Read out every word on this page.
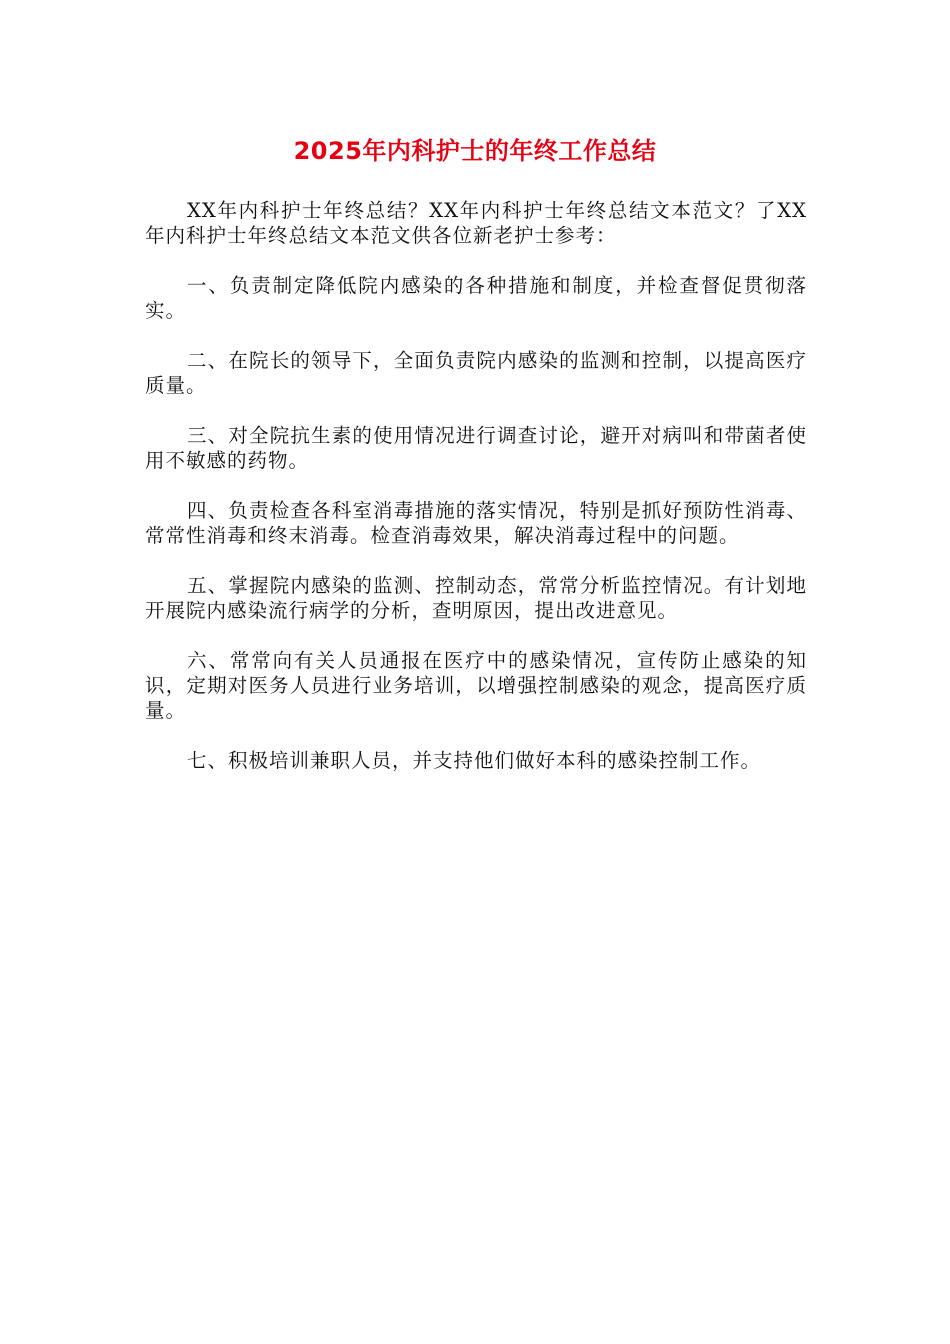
2025年内科护士的年终工作总结

XX年内科护士年终总结？XX年内科护士年终总结文本范文？了XX年内科护士年终总结文本范文供各位新老护士参考：

一、负责制定降低院内感染的各种措施和制度，并检查督促贯彻落实。

二、在院长的领导下，全面负责院内感染的监测和控制，以提高医疗质量。

三、对全院抗生素的使用情况进行调查讨论，避开对病叫和带菌者使用不敏感的药物。

四、负责检查各科室消毒措施的落实情况，特别是抓好预防性消毒、常常性消毒和终末消毒。检查消毒效果，解决消毒过程中的问题。

五、掌握院内感染的监测、控制动态，常常分析监控情况。有计划地开展院内感染流行病学的分析，查明原因，提出改进意见。

六、常常向有关人员通报在医疗中的感染情况，宣传防止感染的知识，定期对医务人员进行业务培训，以增强控制感染的观念，提高医疗质量。

七、积极培训兼职人员，并支持他们做好本科的感染控制工作。
